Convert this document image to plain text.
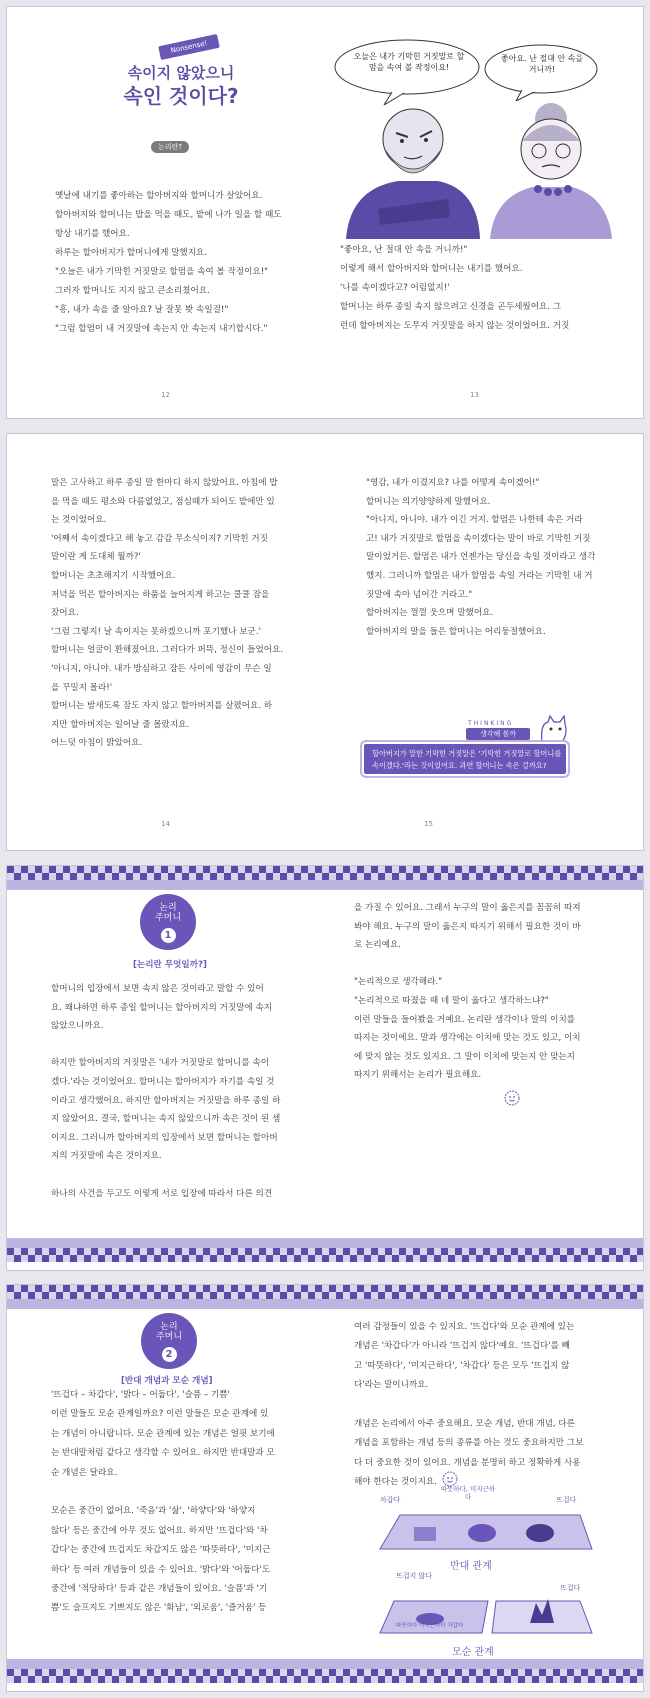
Nonsense!
속이지 않았으니
속인 것이다?
논리란?
옛날에 내기를 좋아하는 할아버지와 할머니가 살았어요.
할아버지와 할머니는 밥을 먹을 때도, 밭에 나가 일을 할 때도
항상 내기를 했어요.
하루는 할아버지가 할머니에게 말했지요.
"오늘은 내가 기막힌 거짓말로 할멈을 속여 볼 작정이요!"
그러자 할머니도 지지 않고 큰소리쳤어요.
"흥, 내가 속을 줄 알아요? 날 잘못 봣 속일걸!"
"그럼 할멈이 내 거짓말에 속는지 안 속는지 내기합시다."
12
오늘은 내가 기막힌 거짓말로 할멈을 속여 볼 작정이요!
좋아요. 난 절대 안 속을 거니까!
"좋아요, 난 절대 안 속을 거니까!"
이렇게 해서 할아버지와 할머니는 내기를 했어요.
'나를 속이겠다고? 어림없지!'
할머니는 하루 종일 속지 않으려고 신경을 곤두세웠어요. 그
런데 할아버지는 도무지 거짓말을 하지 않는 것이었어요. 거짓
13
말은 고사하고 하루 종일 말 한마디 하지 않았어요. 아침에 밥
을 먹을 때도 평소와 다름없었고, 점심때가 되어도 밭에만 있
는 것이었어요.
'어째서 속이겠다고 해 놓고 감감 무소식이지? 기막힌 거짓
말이란 게 도대체 뭘까?'
할머니는 초초해지기 시작했어요.
저녁을 먹은 할아버지는 하품을 늘어지게 하고는 쿨쿨 잠을
잤어요.
'그럼 그렇지! 날 속이지는 못하겠으니까 포기했나 보군.'
할머니는 얼굴이 환해졌어요. 그러다가 퍼뜩, 정신이 들었어요.
'아니지, 아니야. 내가 방심하고 잠든 사이에 영감이 무슨 일
을 꾸밀지 몰라!'
할머니는 밤새도록 잠도 자지 않고 할아버지를 살폈어요. 하
지만 할아버지는 일어날 줄 몰랐지요.
어느덧 아침이 밝았어요.
14
"영감, 내가 이겼지요? 나를 어떻게 속이겠어!"
할머니는 의기양양하게 말했어요.
"아니지, 아니야. 내가 이긴 거지. 할멈은 나한테 속은 거라
고! 내가 거짓말로 할멈을 속이겠다는 말이 바로 기막힌 거짓
말이었거든. 할멈은 내가 언젠가는 당신을 속일 것이라고 생각
했지. 그러니까 할멈은 내가 할멈을 속일 거라는 기막힌 내 거
짓말에 속아 넘어간 거라고."
할아버지는 껄껄 웃으며 말했어요.
할아버지의 말을 들은 할머니는 어리둥절했어요.
THINKING
생각해 볼까
할아버지가 말한 기막힌 거짓말은 '기막힌 거짓말로 할머니를
속이겠다.'라는 것이었어요. 과연 할머니는 속은 걸까요?
15
논리
주머니
1
[논리란 무엇일까?]
할머니의 입장에서 보면 속지 않은 것이라고 말할 수 있어
요. 왜냐하면 하루 종일 할머니는 할아버지의 거짓말에 속지
않았으니까요.
하지만 할아버지의 거짓말은 '내가 거짓말로 할머니를 속이
겠다.'라는 것이었어요. 할머니는 할아버지가 자기를 속일 것
이라고 생각했어요. 하지만 할아버지는 거짓말을 하루 종일 하
지 않았어요. 결국, 할머니는 속지 않았으니까 속은 것이 된 셈
이지요. 그러니까 할아버지의 입장에서 보면 할머니는 할아버
지의 거짓말에 속은 것이지요.
하나의 사건을 두고도 이렇게 서로 입장에 따라서 다른 의견
을 가질 수 있어요. 그래서 누구의 말이 옳은지를 꼼꼼히 따져
봐야 해요. 누구의 말이 옳은지 따지기 위해서 필요한 것이 바
로 논리예요.
"논리적으로 생각해라."
"논리적으로 따졌을 때 네 말이 옳다고 생각하느냐?"
이런 말들을 들어봤을 거예요. 논리란 생각이나 말의 이치를
따지는 것이에요. 말과 생각에는 이치에 맞는 것도 있고, 이치
에 맞지 않는 것도 있지요. 그 말이 이치에 맞는지 안 맞는지
따지기 위해서는 논리가 필요해요.
논리
주머니
2
[반대 개념과 모순 개념]
'뜨겁다 – 차갑다', '밝다 – 어둡다', '슬픔 – 기쁨'
이런 말들도 모순 관계일까요? 이런 말들은 모순 관계에 있
는 개념이 아니랍니다. 모순 관계에 있는 개념은 얼핏 보기에
는 반대말처럼 같다고 생각할 수 있어요. 하지만 반대말과 모
순 개념은 달라요.
모순은 중간이 없어요. '죽음'과 '삶', '하얗다'와 '하얗지
않다' 등은 중간에 아무 것도 없어요. 하지만 '뜨겁다'와 '차
갑다'는 중간에 뜨겁지도 차갑지도 않은 '따뜻하다', '미지근
하다' 등 여러 개념들이 있을 수 있어요. '밝다'와 '어둡다'도
중간에 '적당하다' 등과 같은 개념들이 있어요. '슬픔'과 '기
쁨'도 슬프지도 기쁘지도 않은 '화남', '외로움', '즐거움' 등
여러 감정들이 있을 수 있지요. '뜨겁다'와 모순 관계에 있는
개념은 '차갑다'가 아니라 '뜨겁지 않다'예요. '뜨겁다'를 빼
고 '따뜻하다', '미지근하다', '차갑다' 등은 모두 '뜨겁지 않
다'라는 말이니까요.
개념은 논리에서 아주 중요해요. 모순 개념, 반대 개념, 다른
개념을 포함하는 개념 등의 종류를 아는 것도 중요하지만 그보
다 더 중요한 것이 있어요. 개념을 분명히 하고 정확하게 사용
해야 한다는 것이지요.
차갑다
따뜻하다, 미지근하다	뜨겁다
반대 관계
뜨겁지 않다
따뜻하다 미지근하다 차갑다
뜨겁다
모순 관계
